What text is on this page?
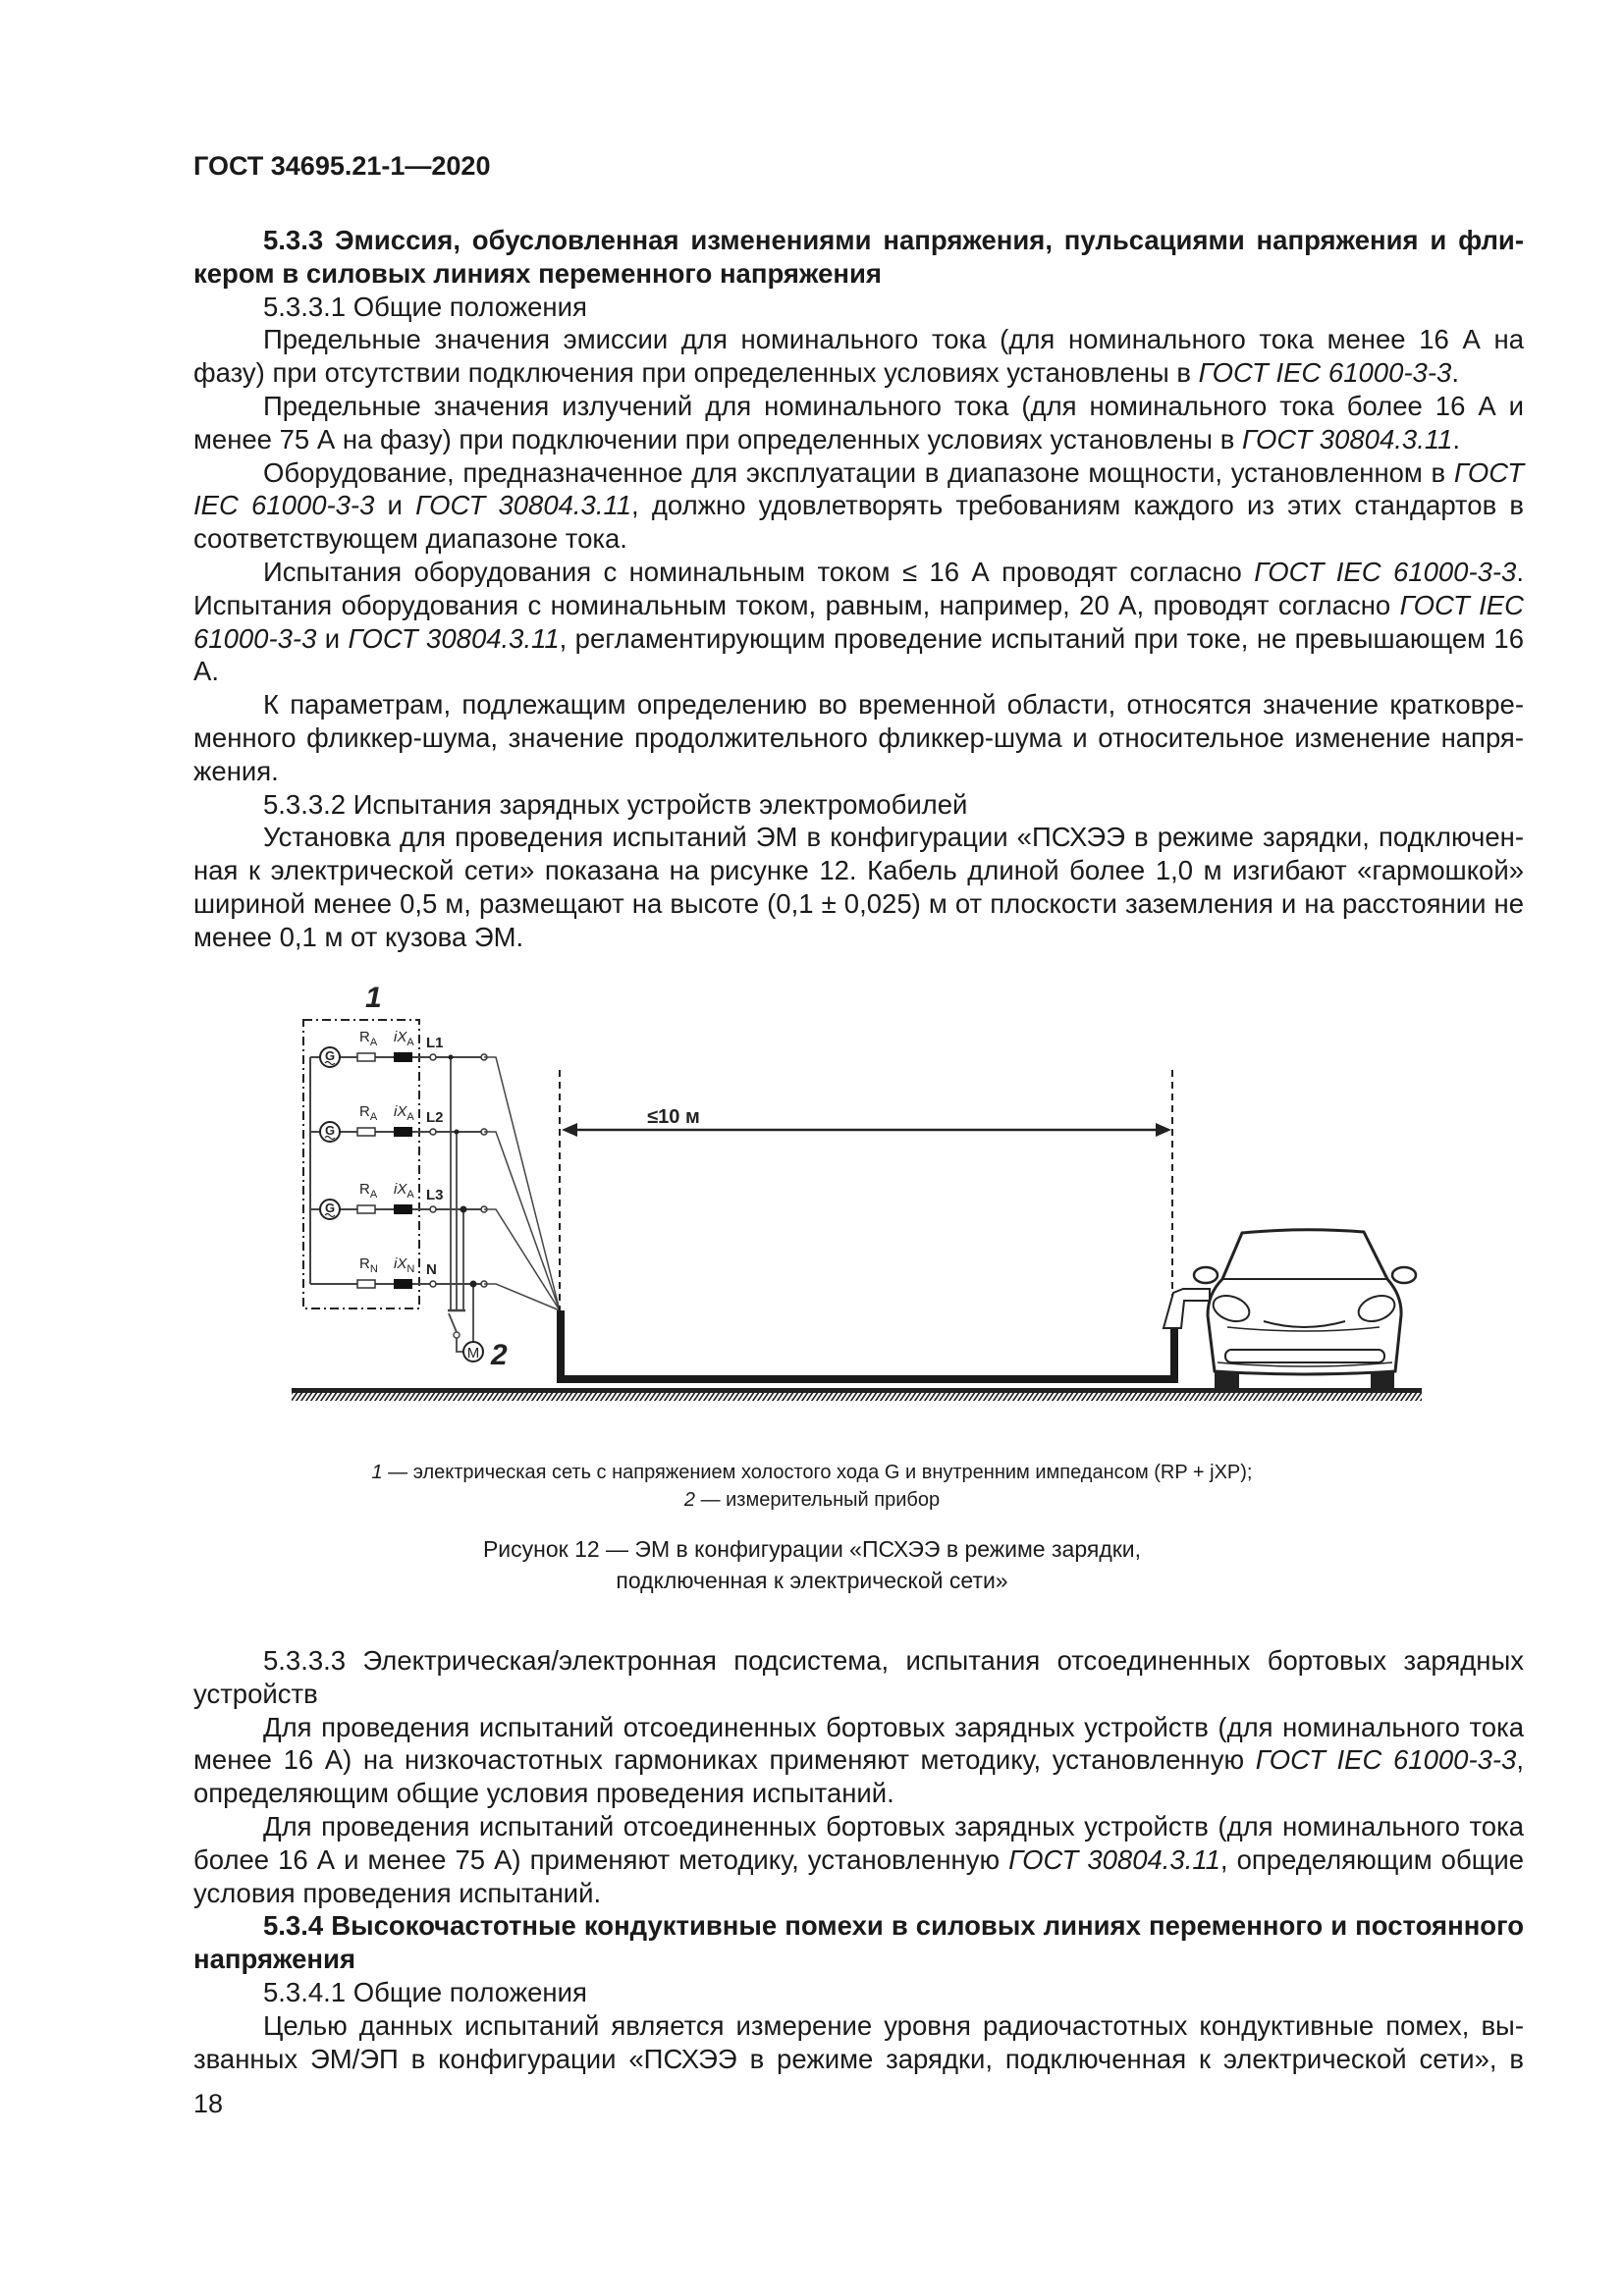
ГОСТ 34695.21-1—2020

5.3.3 Эмиссия, обусловленная изменениями напряжения, пульсациями напряжения и фликером в силовых линиях переменного напряжения

5.3.3.1 Общие положения

Предельные значения эмиссии для номинального тока (для номинального тока менее 16 А на фазу) при отсутствии подключения при определенных условиях установлены в ГОСТ IEC 61000-3-3.

Предельные значения излучений для номинального тока (для номинального тока более 16 А и менее 75 А на фазу) при подключении при определенных условиях установлены в ГОСТ 30804.3.11.

Оборудование, предназначенное для эксплуатации в диапазоне мощности, установленном в ГОСТ IEC 61000-3-3 и ГОСТ 30804.3.11, должно удовлетворять требованиям каждого из этих стандартов в соответствующем диапазоне тока.

Испытания оборудования с номинальным током ≤ 16 А проводят согласно ГОСТ IEC 61000-3-3. Испытания оборудования с номинальным током, равным, например, 20 А, проводят согласно ГОСТ IEC 61000-3-3 и ГОСТ 30804.3.11, регламентирующим проведение испытаний при токе, не превышающем 16 А.

К параметрам, подлежащим определению во временной области, относятся значение кратковременного фликкер-шума, значение продолжительного фликкер-шума и относительное изменение напряжения.

5.3.3.2 Испытания зарядных устройств электромобилей

Установка для проведения испытаний ЭМ в конфигурации «ПСХЭЭ в режиме зарядки, подключенная к электрической сети» показана на рисунке 12. Кабель длиной более 1,0 м изгибают «гармошкой» шириной менее 0,5 м, размещают на высоте (0,1 ± 0,025) м от плоскости заземления и на расстоянии не менее 0,1 м от кузова ЭМ.

1
G
$R_A$ $iX_A$ L1
G
$R_A$ $iX_A$ L2
G
$R_A$ $iX_A$ L3
$R_N$ $iX_N$ N
M 2
≤10 м
1 — электрическая сеть с напряжением холостого хода G и внутренним импедансом (RP + jXP);
2 — измерительный прибор
Рисунок 12 — ЭМ в конфигурации «ПСХЭЭ в режиме зарядки,
подключенная к электрической сети»

5.3.3.3 Электрическая/электронная подсистема, испытания отсоединенных бортовых зарядных устройств

Для проведения испытаний отсоединенных бортовых зарядных устройств (для номинального тока менее 16 А) на низкочастотных гармониках применяют методику, установленную ГОСТ IEC 61000-3-3, определяющим общие условия проведения испытаний.

Для проведения испытаний отсоединенных бортовых зарядных устройств (для номинального тока более 16 А и менее 75 А) применяют методику, установленную ГОСТ 30804.3.11, определяющим общие условия проведения испытаний.

5.3.4 Высокочастотные кондуктивные помехи в силовых линиях переменного и постоянного напряжения

5.3.4.1 Общие положения

Целью данных испытаний является измерение уровня радиочастотных кондуктивные помех, вызванных ЭМ/ЭП в конфигурации «ПСХЭЭ в режиме зарядки, подключенная к электрической сети», в

18
